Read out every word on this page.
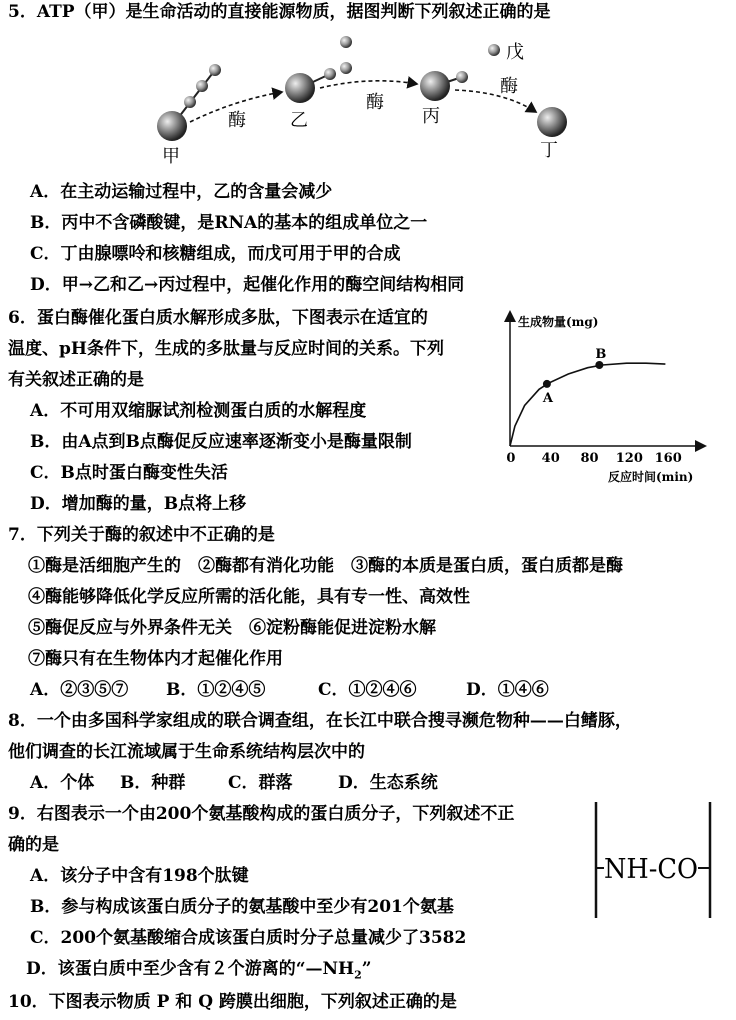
5．ATP（甲）是生命活动的直接能源物质，据图判断下列叙述正确的是
甲
乙	丙
丁
戊
酶
酶
酶
A．在主动运输过程中，乙的含量会减少
B．丙中不含磷酸键，是RNA的基本的组成单位之一
C．丁由腺嘌呤和核糖组成，而戊可用于甲的合成
D．甲→乙和乙→丙过程中，起催化作用的酶空间结构相同
6．蛋白酶催化蛋白质水解形成多肽，下图表示在适宜的
温度、pH条件下，生成的多肽量与反应时间的关系。下列
有关叙述正确的是
A．不可用双缩脲试剂检测蛋白质的水解程度
B．由A点到B点酶促反应速率逐渐变小是酶量限制
C．B点时蛋白酶变性失活
D．增加酶的量，B点将上移
生成物量(mg)
反应时间(min)
0 40 80 120 160
A
B
7．下列关于酶的叙述中不正确的是
①酶是活细胞产生的　②酶都有消化功能　③酶的本质是蛋白质，蛋白质都是酶
④酶能够降低化学反应所需的活化能，具有专一性、高效性
⑤酶促反应与外界条件无关　⑥淀粉酶能促进淀粉水解
⑦酶只有在生物体内才起催化作用
A．②③⑤⑦ B．①②④⑤	C．①②④⑥	D．①④⑥
8．一个由多国科学家组成的联合调查组，在长江中联合搜寻濒危物种——白鳍豚，
他们调查的长江流域属于生命系统结构层次中的
A．个体 B．种群	C．群落	D．生态系统
9．右图表示一个由200个氨基酸构成的蛋白质分子，下列叙述不正
确的是
A．该分子中含有198个肽键
B．参与构成该蛋白质分子的氨基酸中至少有201个氨基
C．200个氨基酸缩合成该蛋白质时分子总量减少了3582
D．该蛋白质中至少含有２个游离的“$—NH_2$”
NH-CO
10．下图表示物质 P 和 Q 跨膜出细胞，下列叙述正确的是
